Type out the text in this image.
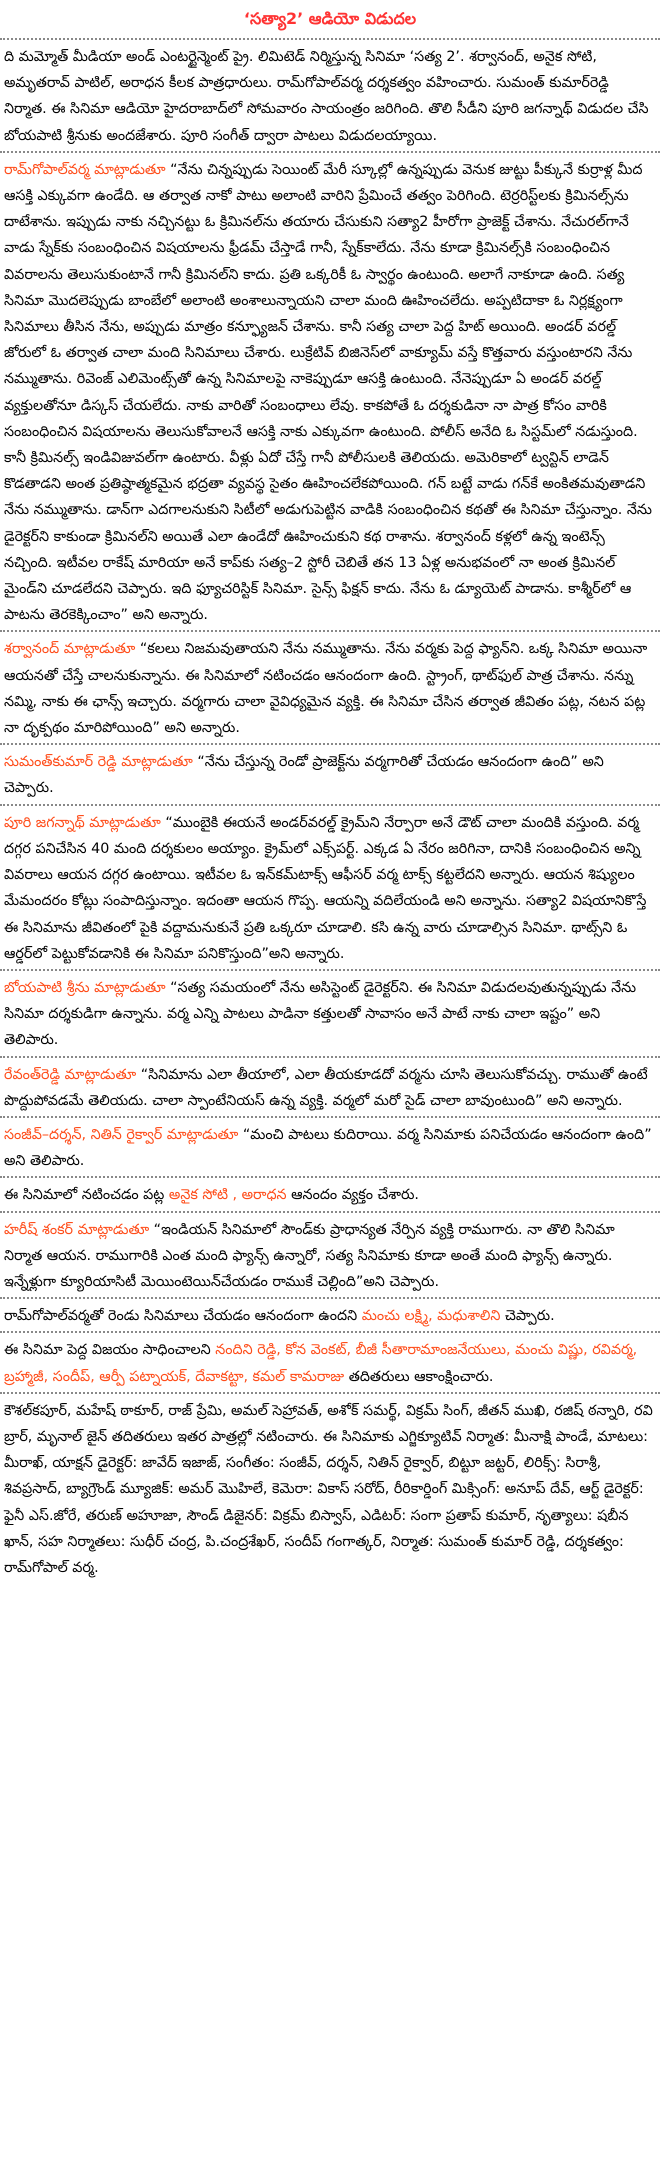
‘సత్యా2’ ఆడియో విడుదల
ది మమ్మోత్ మీడియా అండ్ ఎంటర్టైన్మెంట్ ప్రై. లిమిటెడ్ నిర్మిస్తున్న సినిమా ‘సత్య 2’. శర్వానంద్, అనైక సోటి, అమృతరావ్ పాటిల్, అరాధన కీలక పాత్రధారులు. రామ్‌గోపాల్‌వర్మ దర్శకత్వం వహించారు. సుమంత్ కుమార్‌రెడ్డి నిర్మాత. ఈ సినిమా ఆడియో హైదరాబాద్‌లో సోమవారం సాయంత్రం జరిగింది. తొలి సీడీని పూరి జగన్నాథ్ విడుదల చేసి బోయపాటి శ్రీనుకు అందజేశారు. పూరి సంగీత్ ద్వారా పాటలు విడుదలయ్యాయి.
రామ్‌గోపాల్‌వర్మ మాట్లాడుతూ “నేను చిన్నప్పుడు సెయింట్ మేరీ స్కూల్లో ఉన్నప్పుడు వెనుక జుట్టు పీక్కునే కుర్రాళ్ల మీద ఆసక్తి ఎక్కువగా ఉండేది. ఆ తర్వాత నాకో పాటు అలాంటి వారిని ప్రేమించే తత్వం పెరిగింది. టెర్రరిస్ట్‌లకు క్రిమినల్స్‌ను దాటేశాను. ఇప్పుడు నాకు నచ్చినట్టు ఓ క్రిమినల్‌ను తయారు చేసుకుని సత్యా2 హీరోగా ప్రాజెక్ట్ చేశాను. నేచురల్‌గానే వాడు స్నేక్‌కు సంబంధించిన విషయాలను ఫ్రీడమ్ చేస్తాడే గానీ, స్నేక్‌కాలేదు. నేను కూడా క్రిమినల్స్‌కి సంబంధించిన వివరాలను తెలుసుకుంటానే గానీ క్రిమినల్‌ని కాదు. ప్రతి ఒక్కరికీ ఓ స్వార్థం ఉంటుంది. అలాగే నాకూడా ఉంది. సత్య సినిమా మొదలెప్పుడు బాంబేలో అలాంటి అంశాలున్నాయని చాలా మంది ఊహించలేదు. అప్పటిదాకా ఓ నిర్లక్ష్యంగా సినిమాలు తీసిన నేను, అప్పుడు మాత్రం కన్ఫ్యూజన్ చేశాను. కానీ సత్య చాలా పెద్ద హిట్ అయింది. అండర్ వరల్డ్ జోరులో ఓ తర్వాత చాలా మంది సినిమాలు చేశారు. లుక్రేటివ్ బిజినెస్‌లో వాక్యూమ్ వస్తే కొత్తవారు వస్తుంటారని నేను నమ్ముతాను. రివెంజ్ ఎలిమెంట్స్‌తో ఉన్న సినిమాలపై నాకెప్పుడూ ఆసక్తి ఉంటుంది. నేనెప్పుడూ ఏ అండర్ వరల్డ్ వ్యక్తులతోనూ డిస్కస్ చేయలేదు. నాకు వారితో సంబంధాలు లేవు. కాకపోతే ఓ దర్శకుడినా నా పాత్ర కోసం వారికి సంబంధించిన విషయాలను తెలుసుకోవాలనే ఆసక్తి నాకు ఎక్కువగా ఉంటుంది. పోలీస్ అనేది ఓ సిస్టమ్‌లో నడుస్తుంది. కానీ క్రిమినల్స్ ఇండివిజువల్‌గా ఉంటారు. వీళ్లు ఏదో చేస్తే గానీ పోలీసులకి తెలియదు. అమెరికాలో ట్వన్టిన్ లాడెన్ కొడతాడని అంత ప్రతిష్ఠాత్మకమైన భద్రతా వ్యవస్థ సైతం ఊహించలేకపోయింది. గన్ బట్టే వాడు గన్‌కే అంకితమవుతాడని నేను నమ్ముతాను. డాన్‌గా ఎదగాలనుకుని సిటీలో అడుగుపెట్టిన వాడికి సంబంధించిన కథతో ఈ సినిమా చేస్తున్నాం. నేను డైరెక్టర్‌ని కాకుండా క్రిమినల్‌ని అయితే ఎలా ఉండేదో ఊహించుకుని కథ రాశాను. శర్వానంద్ కళ్లలో ఉన్న ఇంటెన్స్ నచ్చింది. ఇటీవల రాకేష్ మారియా అనే కాప్‌కు సత్య–2 స్టోరీ చెబితే తన 13 ఏళ్ల అనుభవంలో నా అంత క్రిమినల్ మైండ్‌ని చూడలేదని చెప్పారు. ఇది ఫ్యూచరిస్టిక్ సినిమా. సైన్స్ ఫిక్షన్ కాదు. నేను ఓ డ్యూయెట్ పాడాను. కాశ్మీర్‌లో ఆ పాటను తెరకెక్కించాం” అని అన్నారు.
శర్వానంద్ మాట్లాడుతూ “కలలు నిజమవుతాయని నేను నమ్ముతాను. నేను వర్మకు పెద్ద ఫ్యాన్‌ని. ఒక్క సినిమా అయినా ఆయనతో చేస్తే చాలనుకున్నాను. ఈ సినిమాలో నటించడం ఆనందంగా ఉంది. స్ట్రాంగ్, థాట్‌ఫుల్ పాత్ర చేశాను. నన్ను నమ్మి, నాకు ఈ ఛాన్స్ ఇచ్చారు. వర్మగారు చాలా వైవిధ్యమైన వ్యక్తి. ఈ సినిమా చేసిన తర్వాత జీవితం పట్ల, నటన పట్ల నా దృక్పథం మారిపోయింది” అని అన్నారు.
సుమంత్‌కుమార్ రెడ్డి మాట్లాడుతూ “నేను చేస్తున్న రెండో ప్రాజెక్ట్‌ను వర్మగారితో చేయడం ఆనందంగా ఉంది” అని చెప్పారు.
పూరి జగన్నాథ్ మాట్లాడుతూ “ముంబైకి ఈయనే అండర్‌వరల్డ్ క్రైమ్‌ని నేర్పారా అనే డౌట్ చాలా మందికి వస్తుంది. వర్మ దగ్గర పనిచేసిన 40 మంది దర్శకులం అయ్యాం. క్రైమ్‌లో ఎక్స్‌పర్ట్. ఎక్కడ ఏ నేరం జరిగినా, దానికి సంబంధించిన అన్ని వివరాలు ఆయన దగ్గర ఉంటాయి. ఇటీవల ఓ ఇన్‌కమ్‌టాక్స్ ఆఫీసర్ వర్మ టాక్స్ కట్టలేదని అన్నారు. ఆయన శిష్యులం మేమందరం కోట్లు సంపాదిస్తున్నాం. ఇదంతా ఆయన గొప్ప. ఆయన్ని వదిలేయండి అని అన్నాను. సత్యా2 విషయానికొస్తే ఈ సినిమాను జీవితంలో పైకి వద్దామనుకునే ప్రతి ఒక్కరూ చూడాలి. కసి ఉన్న వారు చూడాల్సిన సినిమా. థాట్స్‌ని ఓ ఆర్డర్‌లో పెట్టుకోవడానికి ఈ సినిమా పనికొస్తుంది”అని అన్నారు.
బోయపాటి శ్రీను మాట్లాడుతూ “సత్య సమయంలో నేను అసిస్టెంట్ డైరెక్టర్‌ని. ఈ సినిమా విడుదలవుతున్నప్పుడు నేను సినిమా దర్శకుడిగా ఉన్నాను. వర్మ ఎన్ని పాటలు పాడినా కత్తులతో సావాసం అనే పాటే నాకు చాలా ఇష్టం” అని తెలిపారు.
రేవంత్‌రెడ్డి మాట్లాడుతూ “సినిమాను ఎలా తీయాలో, ఎలా తీయకూడదో వర్మను చూసి తెలుసుకోవచ్చు. రాముతో ఉంటే పొద్దుపోవడమే తెలియదు. చాలా స్పాంటేనియస్ ఉన్న వ్యక్తి. వర్మలో మరో సైడ్ చాలా బావుంటుంది” అని అన్నారు.
సంజీవ్–దర్శన్, నితిన్ రైక్వార్ మాట్లాడుతూ “మంచి పాటలు కుదిరాయి. వర్మ సినిమాకు పనిచేయడం ఆనందంగా ఉంది” అని తెలిపారు.
ఈ సినిమాలో నటించడం పట్ల అనైక సోటి , అరాధన ఆనందం వ్యక్తం చేశారు.
హరీష్ శంకర్ మాట్లాడుతూ “ఇండియన్ సినిమాలో సౌండ్‌కు ప్రాధాన్యత నేర్పిన వ్యక్తి రాముగారు. నా తొలి సినిమా నిర్మాత ఆయన. రాముగారికి ఎంత మంది ఫ్యాన్స్ ఉన్నారో, సత్య సినిమాకు కూడా అంతే మంది ఫ్యాన్స్ ఉన్నారు. ఇన్నేళ్లుగా క్యూరియాసిటీ మెయింటెయిన్‌చేయడం రాముకే చెల్లింది”అని చెప్పారు.
రామ్‌గోపాల్‌వర్మతో రెండు సినిమాలు చేయడం ఆనందంగా ఉందని మంచు లక్ష్మి, మధుశాలిని చెప్పారు.
ఈ సినిమా పెద్ద విజయం సాధించాలని నందిని రెడ్డి, కోన వెంకట్, బీజీ సీతారామాంజనేయులు, మంచు విష్ణు, రవివర్మ, బ్రహ్మాజీ, సందీప్, ఆర్పీ పట్నాయక్, దేవాకట్టా, కమల్ కామరాజు తదితరులు ఆకాంక్షించారు.
కౌశల్‌కపూర్, మహేష్ ఠాకూర్, రాజ్ ప్రేమి, అమల్ సెహ్రావత్, అశోక్ సమర్థ్, విక్రమ్ సింగ్, జీతన్ ముఖి, రజిష్ ఠన్నారి, రవి బ్రార్, మృనాల్ జైన్ తదితరులు ఇతర పాత్రల్లో నటించారు. ఈ సినిమాకు ఎగ్జిక్యూటివ్ నిర్మాత: మీనాక్షి పాండే, మాటలు: మీరాఖ్, యాక్షన్ డైరెక్టర్: జావేద్ ఇజాజ్, సంగీతం: సంజీవ్, దర్శన్, నితిన్ రైక్వార్, బిట్టూ జట్టర్, లిరిక్స్: సిరాశ్రీ, శివప్రసాద్, బ్యాగ్రౌండ్ మ్యూజిక్: అమర్ మొహిలే, కెమెరా: వికాస్ సరోద్, రీరికార్డింగ్ మిక్సింగ్: అనూప్ దేవ్, ఆర్ట్ డైరెక్టర్: ఫైనీ ఎస్.జోరే, తరుణ్ అహూజా, సౌండ్ డిజైనర్: విక్రమ్ బిస్వాస్, ఎడిటర్: సంగా ప్రతాప్ కుమార్, నృత్యాలు: షబీన ఖాన్, సహ నిర్మాతలు: సుధీర్ చంద్ర, పి.చంద్రశేఖర్, సందీప్ గంగాత్కర్, నిర్మాత: సుమంత్ కుమార్ రెడ్డి, దర్శకత్వం: రామ్‌గోపాల్ వర్మ.
